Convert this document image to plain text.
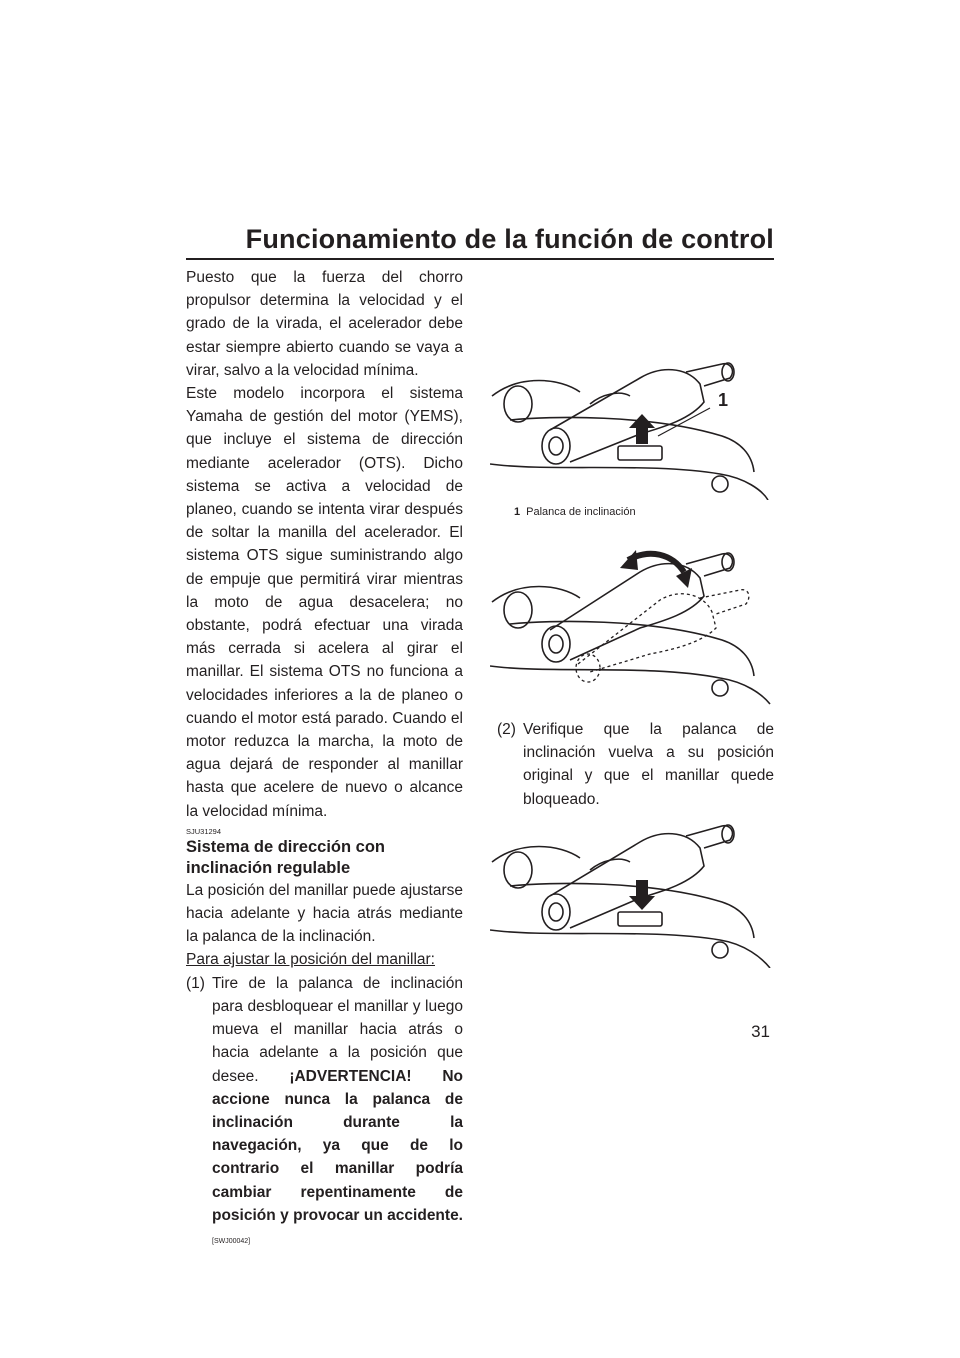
Funcionamiento de la función de control

Puesto que la fuerza del chorro propulsor determina la velocidad y el grado de la virada, el acelerador debe estar siempre abierto cuando se vaya a virar, salvo a la velocidad mínima.

Este modelo incorpora el sistema Yamaha de gestión del motor (YEMS), que incluye el sistema de dirección mediante acelerador (OTS). Dicho sistema se activa a velocidad de planeo, cuando se intenta virar después de soltar la manilla del acelerador. El sistema OTS sigue suministrando algo de empuje que permitirá virar mientras la moto de agua desacelera; no obstante, podrá efectuar una virada más cerrada si acelera al girar el manillar. El sistema OTS no funciona a velocidades inferiores a la de planeo o cuando el motor está parado. Cuando el motor reduzca la marcha, la moto de agua dejará de responder al manillar hasta que acelere de nuevo o alcance la velocidad mínima.

SJU31294
Sistema de dirección con inclinación regulable

La posición del manillar puede ajustarse hacia adelante y hacia atrás mediante la palanca de la inclinación.

Para ajustar la posición del manillar:
(1) Tire de la palanca de inclinación para desbloquear el manillar y luego mueva el manillar hacia atrás o hacia adelante a la posición que desee. ¡ADVERTENCIA! No accione nunca la palanca de inclinación durante la navegación, ya que de lo contrario el manillar podría cambiar repentinamente de posición y provocar un accidente. [SWJ00042]
1
1 Palanca de inclinación
(2) Verifique que la palanca de inclinación vuelva a su posición original y que el manillar quede bloqueado.
31
